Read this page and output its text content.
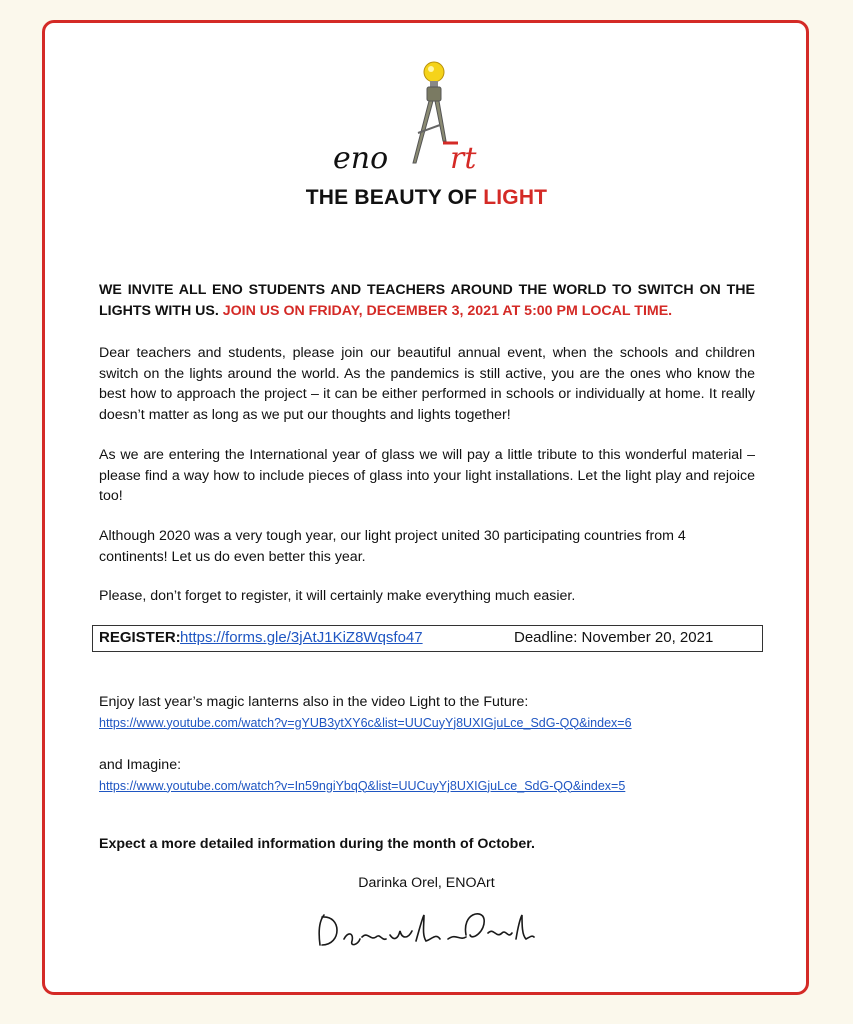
eno rt
THE BEAUTY OF LIGHT
WE INVITE ALL ENO STUDENTS AND TEACHERS AROUND THE WORLD TO SWITCH ON THE LIGHTS WITH US. JOIN US ON FRIDAY, DECEMBER 3, 2021 AT 5:00 PM LOCAL TIME.
Dear teachers and students, please join our beautiful annual event, when the schools and children switch on the lights around the world. As the pandemics is still active, you are the ones who know the best how to approach the project – it can be either performed in schools or individually at home. It really doesn’t matter as long as we put our thoughts and lights together!
As we are entering the International year of glass we will pay a little tribute to this wonderful material – please find a way how to include pieces of glass into your light installations. Let the light play and rejoice too!
Although 2020 was a very tough year, our light project united 30 participating countries from 4 continents! Let us do even better this year.
Please, don’t forget to register, it will certainly make everything much easier.
REGISTER: https://forms.gle/3jAtJ1KiZ8Wqsfo47	Deadline: November 20, 2021
Enjoy last year’s magic lanterns also in the video Light to the Future:
https://www.youtube.com/watch?v=gYUB3ytXY6c&list=UUCuyYj8UXIGjuLce_SdG-QQ&index=6
and Imagine:
https://www.youtube.com/watch?v=In59ngiYbqQ&list=UUCuyYj8UXIGjuLce_SdG-QQ&index=5
Expect a more detailed information during the month of October.
Darinka Orel, ENOArt
